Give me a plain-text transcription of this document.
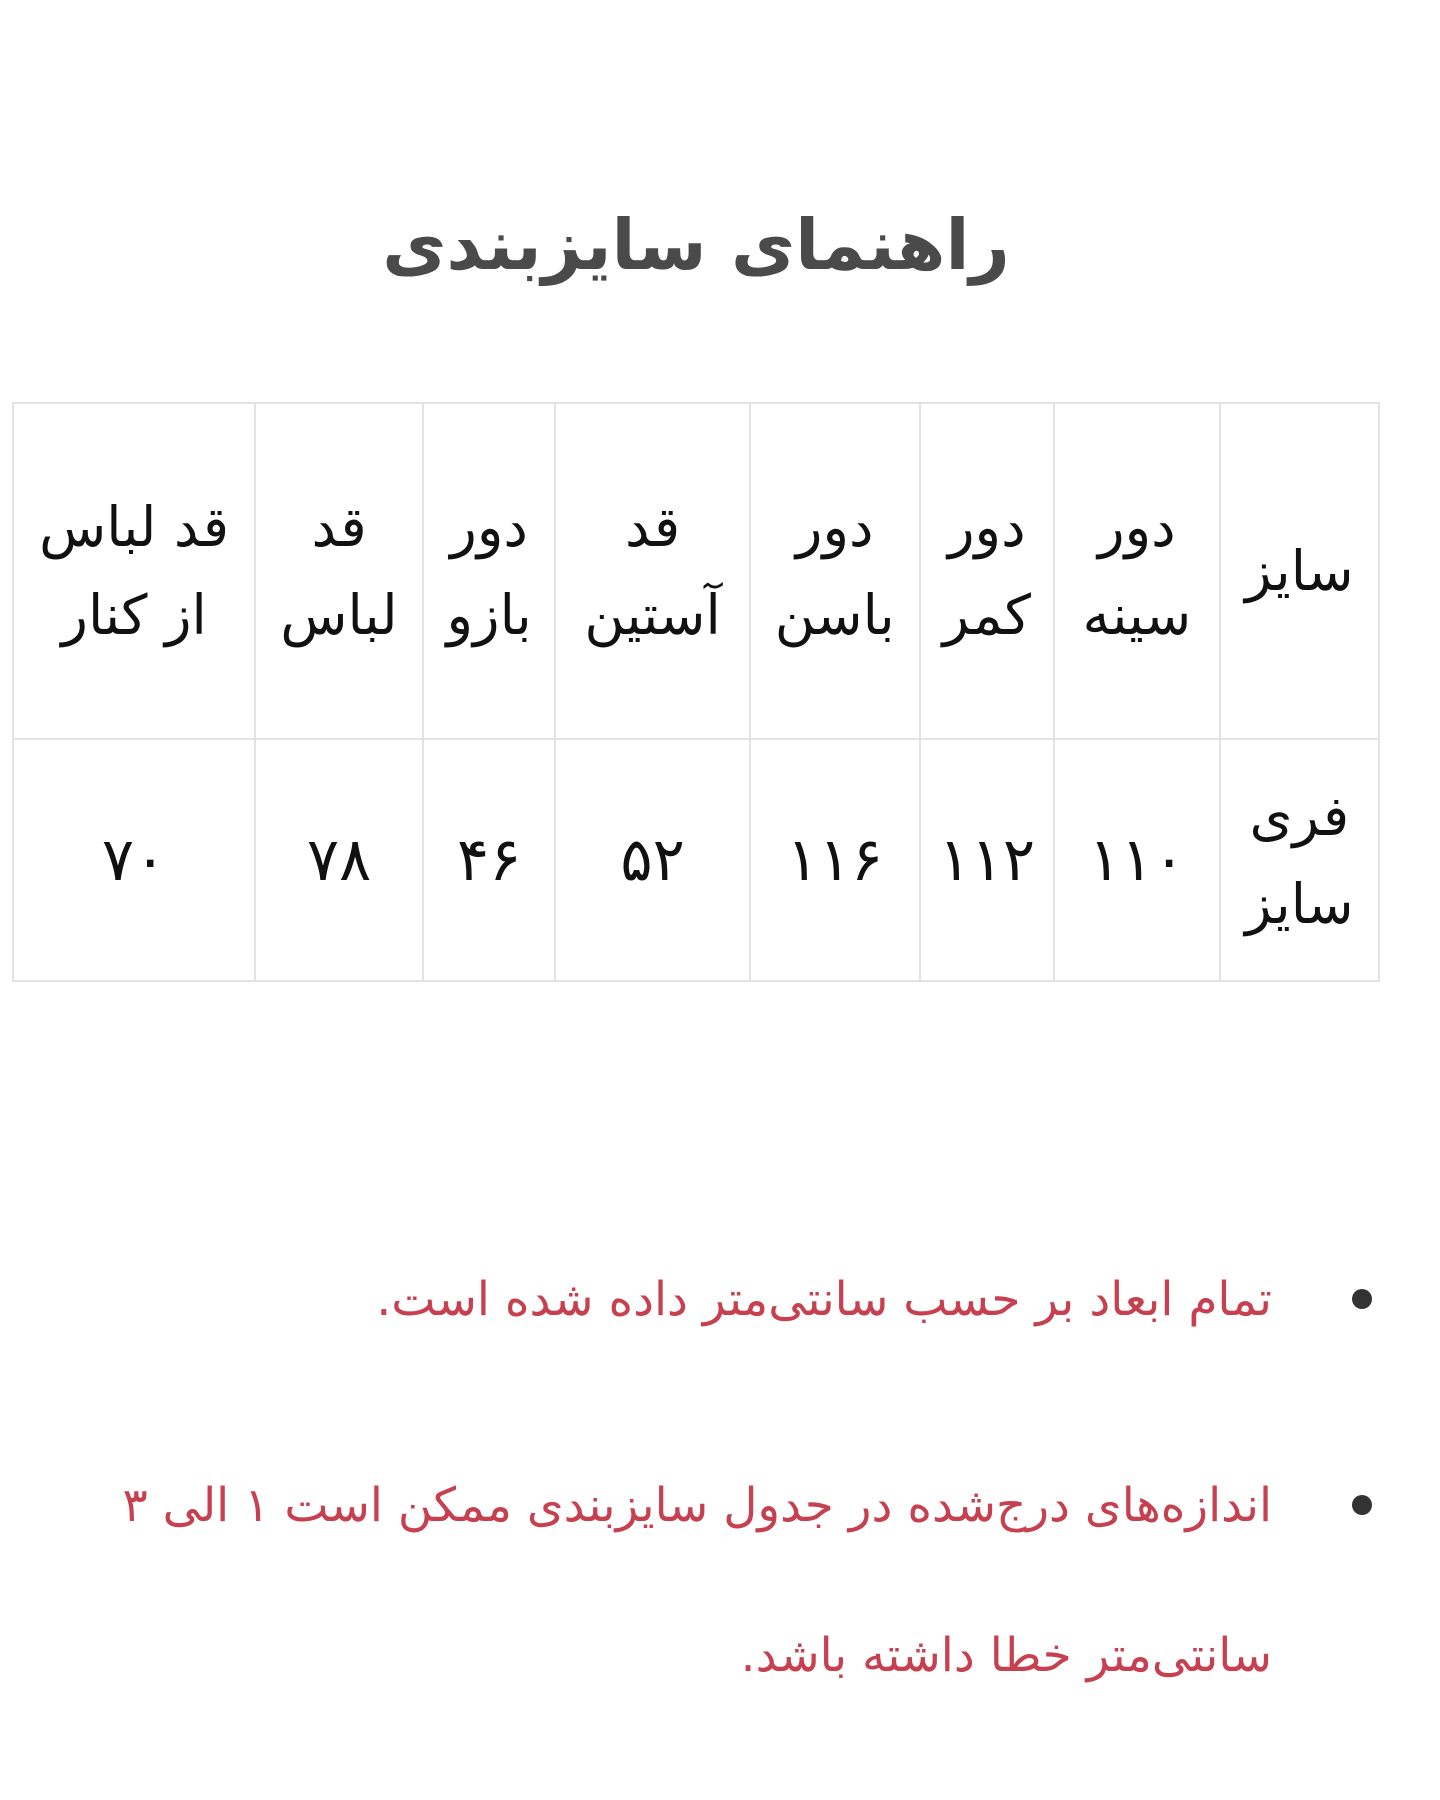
راهنمای سایزبندی
سایز	دور سینه	دور کمر	دور باسن	قد آستین	دور بازو	قد لباس	قد لباس از کنار
فری سایز	۱۱۰	۱۱۲	۱۱۶	۵۲	۴۶	۷۸	۷۰
تمام ابعاد بر حسب سانتی‌متر داده شده است.
اندازه‌های درج‌شده در جدول سایزبندی ممکن است ۱ الی ۳ سانتی‌متر خطا داشته باشد.
